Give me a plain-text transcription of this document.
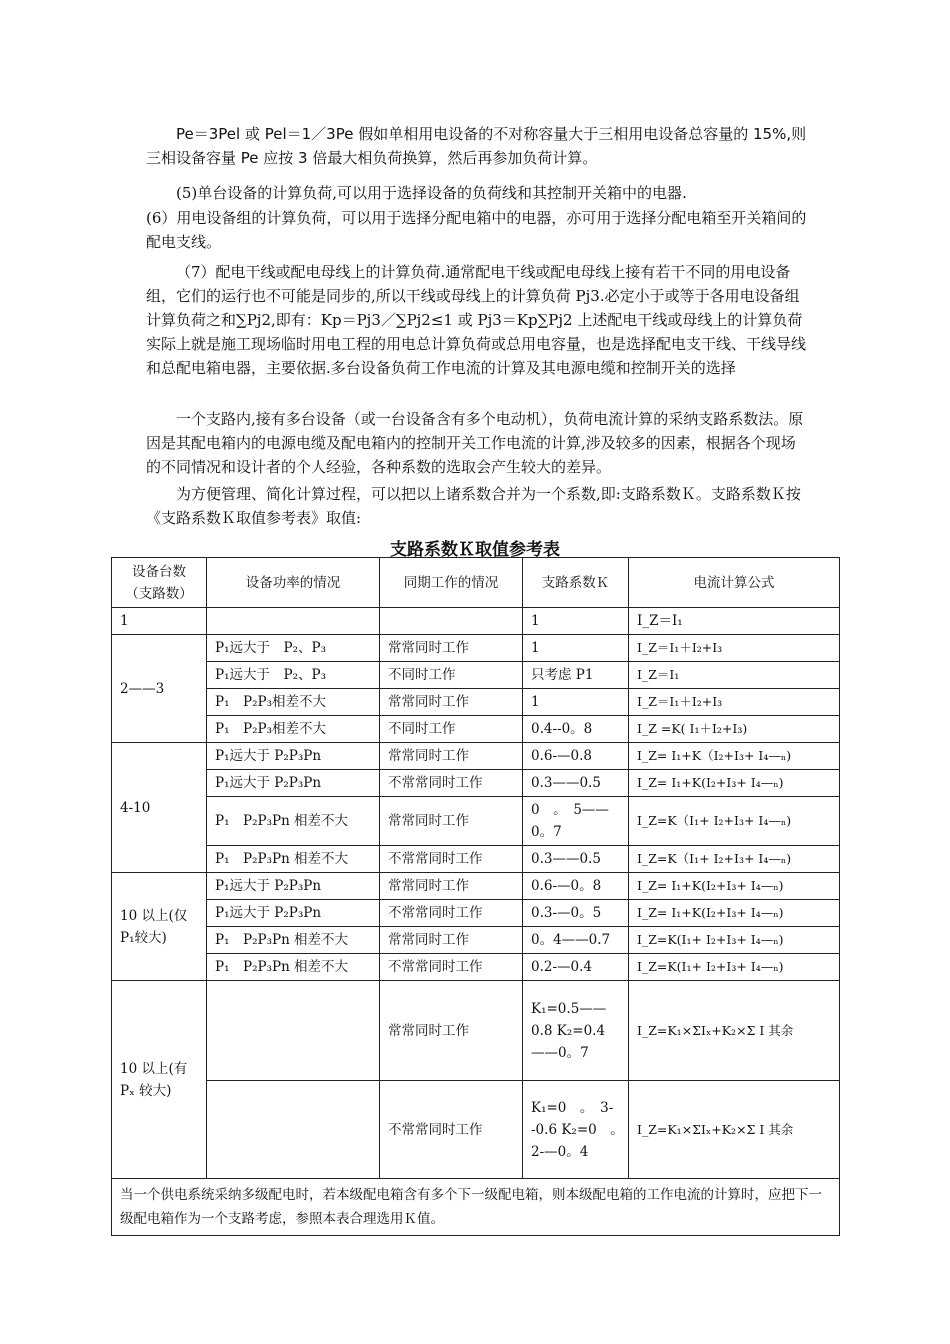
Pe＝3Pel 或 Pel＝1／3Pe 假如单相用电设备的不对称容量大于三相用电设备总容量的 15%,则三相设备容量 Pe 应按 3 倍最大相负荷换算，然后再参加负荷计算。

(5)单台设备的计算负荷,可以用于选择设备的负荷线和其控制开关箱中的电器.

(6）用电设备组的计算负荷，可以用于选择分配电箱中的电器，亦可用于选择分配电箱至开关箱间的配电支线。

（7）配电干线或配电母线上的计算负荷.通常配电干线或配电母线上接有若干不同的用电设备组，它们的运行也不可能是同步的,所以干线或母线上的计算负荷 Pj3.必定小于或等于各用电设备组计算负荷之和∑Pj2,即有：Kp＝Pj3／∑Pj2≤1 或 Pj3＝Kp∑Pj2 上述配电干线或母线上的计算负荷实际上就是施工现场临时用电工程的用电总计算负荷或总用电容量，也是选择配电支干线、干线导线和总配电箱电器，主要依据.多台设备负荷工作电流的计算及其电源电缆和控制开关的选择

一个支路内,接有多台设备（或一台设备含有多个电动机），负荷电流计算的采纳支路系数法。原因是其配电箱内的电源电缆及配电箱内的控制开关工作电流的计算,涉及较多的因素，根据各个现场的不同情况和设计者的个人经验，各种系数的选取会产生较大的差异。

为方便管理、简化计算过程，可以把以上诸系数合并为一个系数,即:支路系数Ｋ。支路系数Ｋ按《支路系数Ｋ取值参考表》取值:

支路系数Ｋ取值参考表
设备台数（支路数）	设备功率的情况	同期工作的情况	支路系数Ｋ	电流计算公式
1			1	I_Z＝I₁
2——3	P₁远大于　P₂、P₃	常常同时工作	1	I_Z＝I₁＋I₂+I₃
	P₁远大于　P₂、P₃	不同时工作	只考虑 P1	I_Z＝I₁
	P₁　P₂P₃相差不大	常常同时工作	1	I_Z＝I₁＋I₂+I₃
	P₁　P₂P₃相差不大	不同时工作	0.4--0。8	I_Z =K( I₁＋I₂+I₃)
4-10	P₁远大于 P₂P₃Pn	常常同时工作	0.6-—0.8	I_Z= I₁+K（I₂+I₃+ I₄—ₙ)
	P₁远大于 P₂P₃Pn	不常常同时工作	0.3——0.5	I_Z= I₁+K(I₂+I₃+ I₄—ₙ)
	P₁　P₂P₃Pn 相差不大	常常同时工作	0　。　5——0。7	I_Z=K（I₁+ I₂+I₃+ I₄—ₙ)
	P₁　P₂P₃Pn 相差不大	不常常同时工作	0.3——0.5	I_Z=K（I₁+ I₂+I₃+ I₄—ₙ)
10 以上(仅 P₁较大)	P₁远大于 P₂P₃Pn	常常同时工作	0.6-—0。8	I_Z= I₁+K(I₂+I₃+ I₄—ₙ)
	P₁远大于 P₂P₃Pn	不常常同时工作	0.3-—0。5	I_Z= I₁+K(I₂+I₃+ I₄—ₙ)
	P₁　P₂P₃Pn 相差不大	常常同时工作	0。4——0.7	I_Z=K(I₁+ I₂+I₃+ I₄—ₙ)
	P₁　P₂P₃Pn 相差不大	不常常同时工作	0.2-—0.4	I_Z=K(I₁+ I₂+I₃+ I₄—ₙ)
10 以上(有 Pₓ 较大)		常常同时工作	K₁=0.5——0.8 K₂=0.4——0。7	I_Z=K₁×ΣIₓ+K₂×Σ I 其余
		不常常同时工作	K₁=0　。　3--0.6 K₂=0　。　2-—0。4	I_Z=K₁×ΣIₓ+K₂×Σ I 其余
当一个供电系统采纳多级配电时，若本级配电箱含有多个下一级配电箱，则本级配电箱的工作电流的计算时，应把下一级配电箱作为一个支路考虑，参照本表合理选用Ｋ值。				
